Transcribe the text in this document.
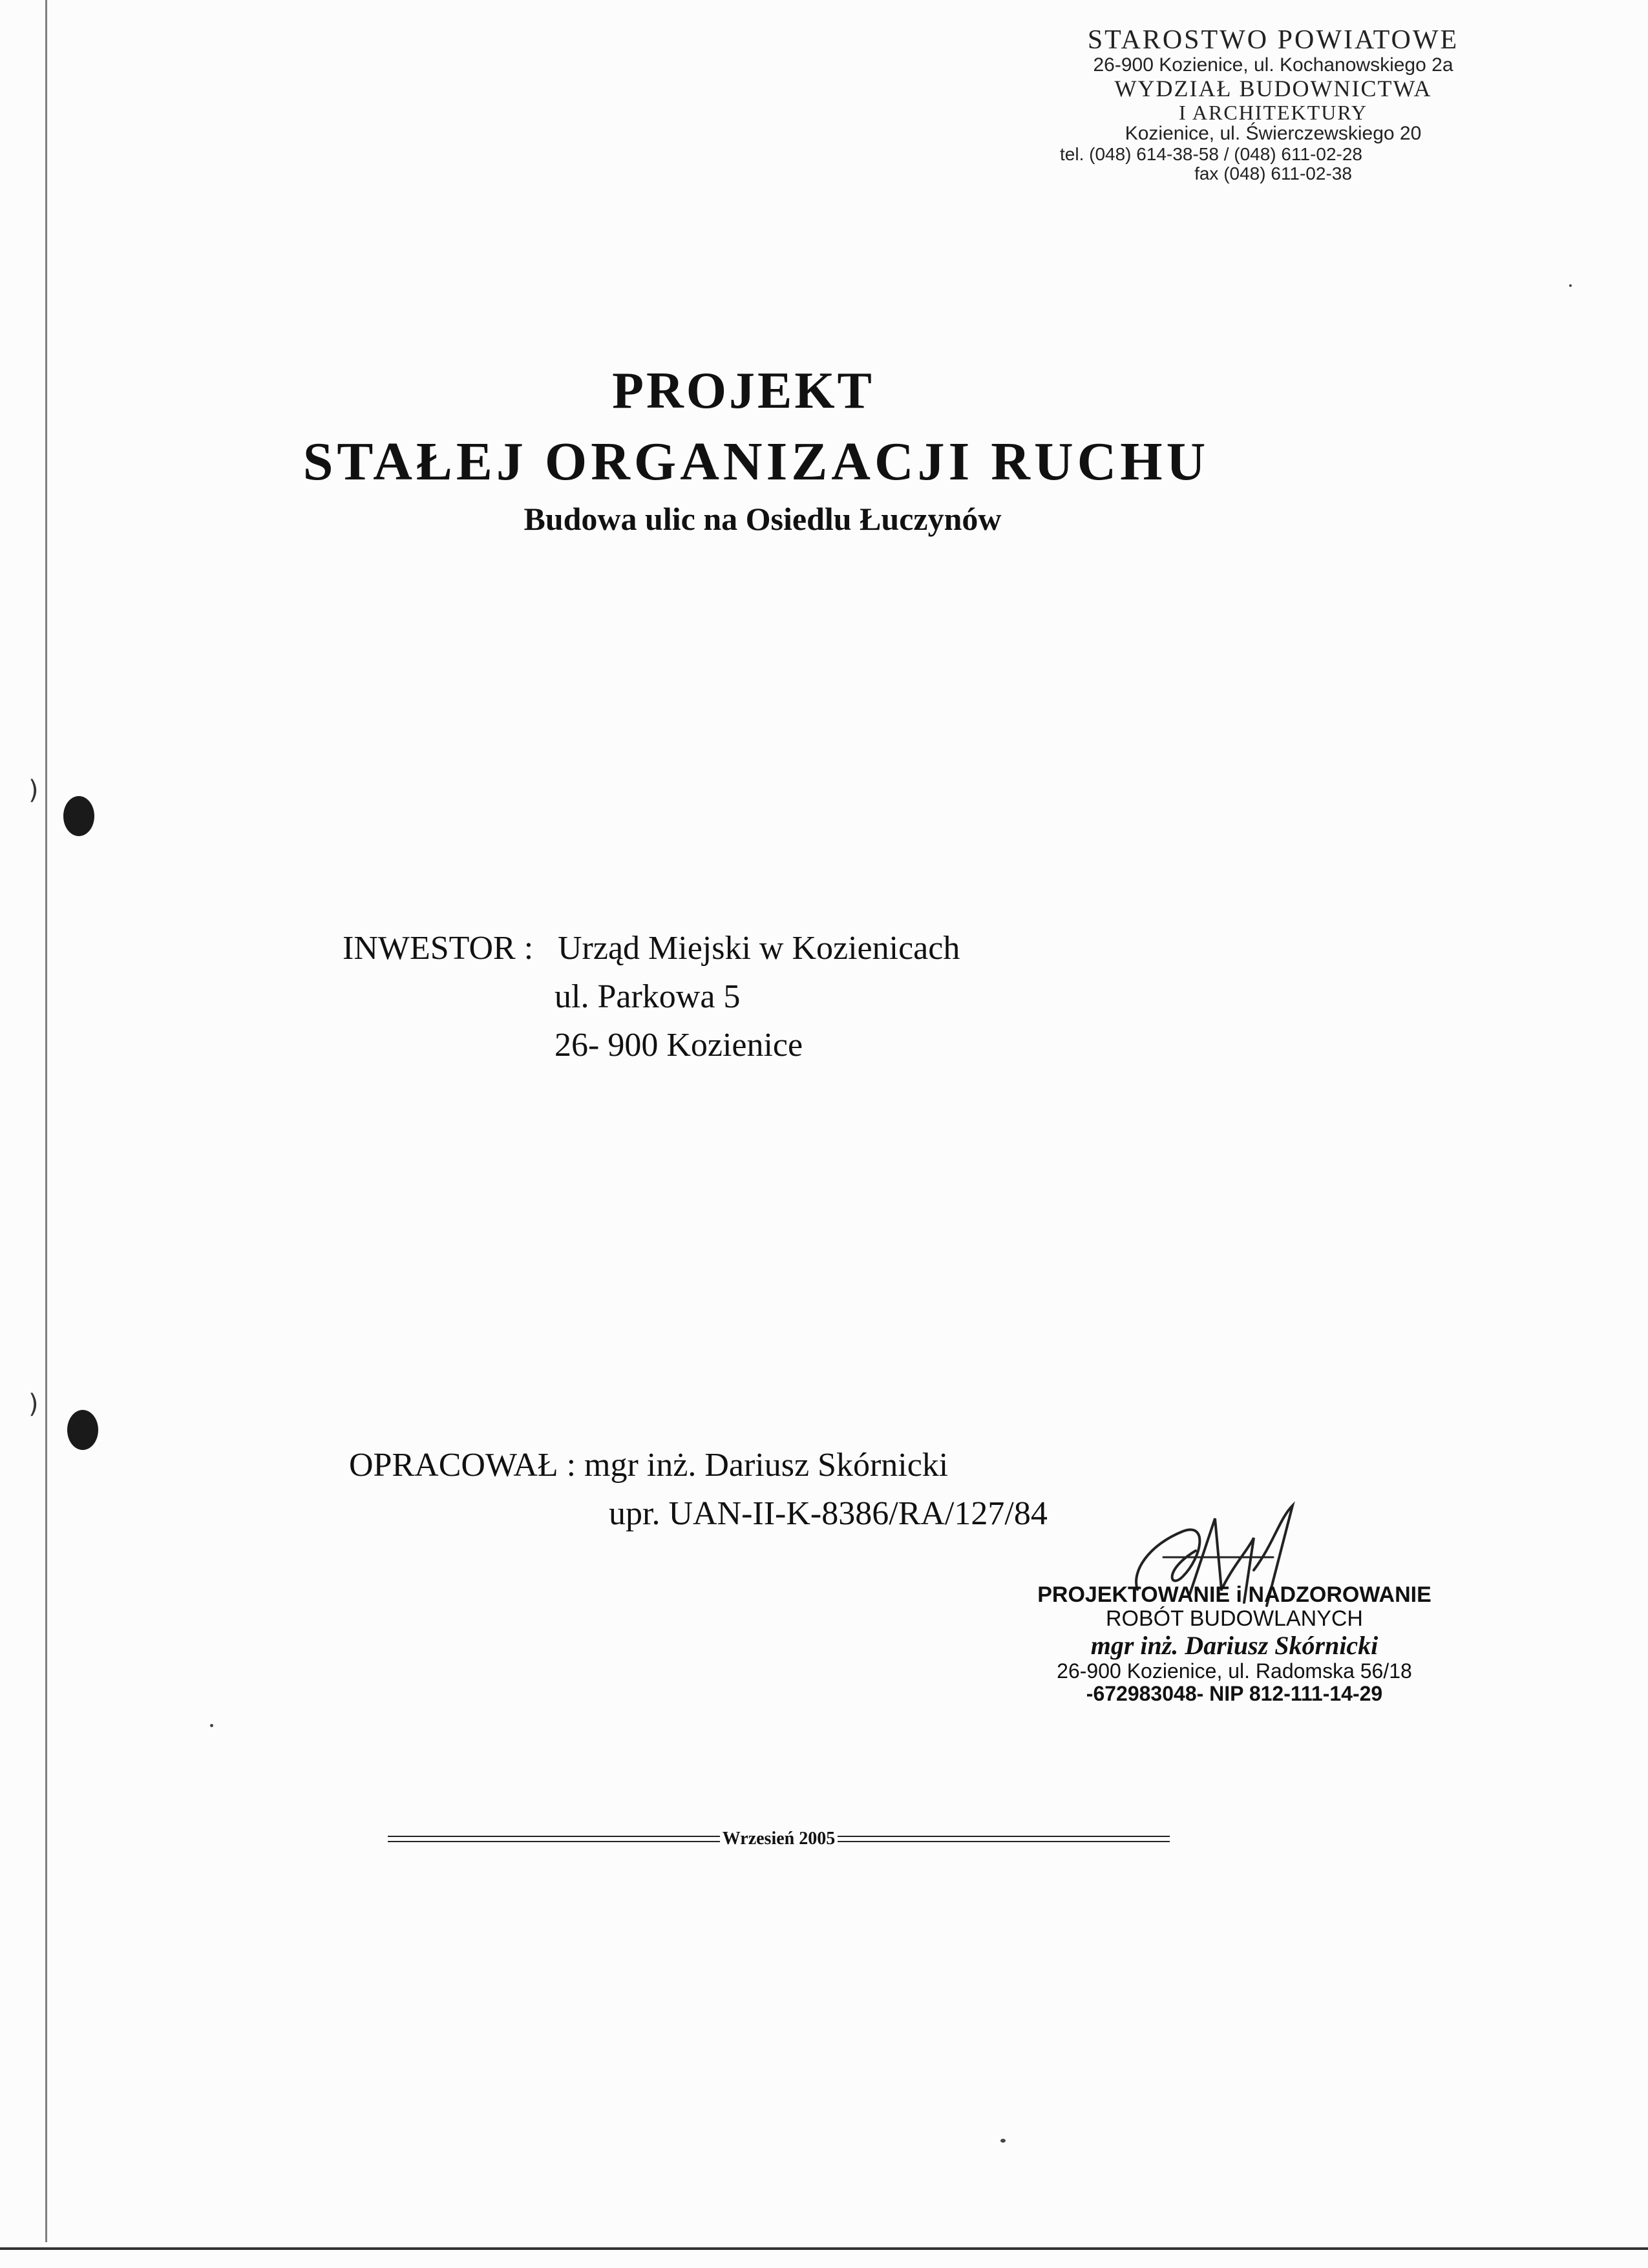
)
)
STAROSTWO POWIATOWE
26-900 Kozienice, ul. Kochanowskiego 2a
WYDZIAŁ BUDOWNICTWA
I ARCHITEKTURY
Kozienice, ul. Świerczewskiego 20
tel. (048) 614-38-58 / (048) 611-02-28
fax (048) 611-02-38
PROJEKT
STAŁEJ ORGANIZACJI RUCHU
Budowa ulic na Osiedlu Łuczynów
INWESTOR : Urząd Miejski w Kozienicach
ul. Parkowa 5
26- 900 Kozienice
OPRACOWAŁ : mgr inż. Dariusz Skórnicki
upr. UAN-II-K-8386/RA/127/84
PROJEKTOWANIE i NADZOROWANIE
ROBÓT BUDOWLANYCH
mgr inż. Dariusz Skórnicki
26-900 Kozienice, ul. Radomska 56/18
-672983048- NIP 812-111-14-29
Wrzesień 2005
